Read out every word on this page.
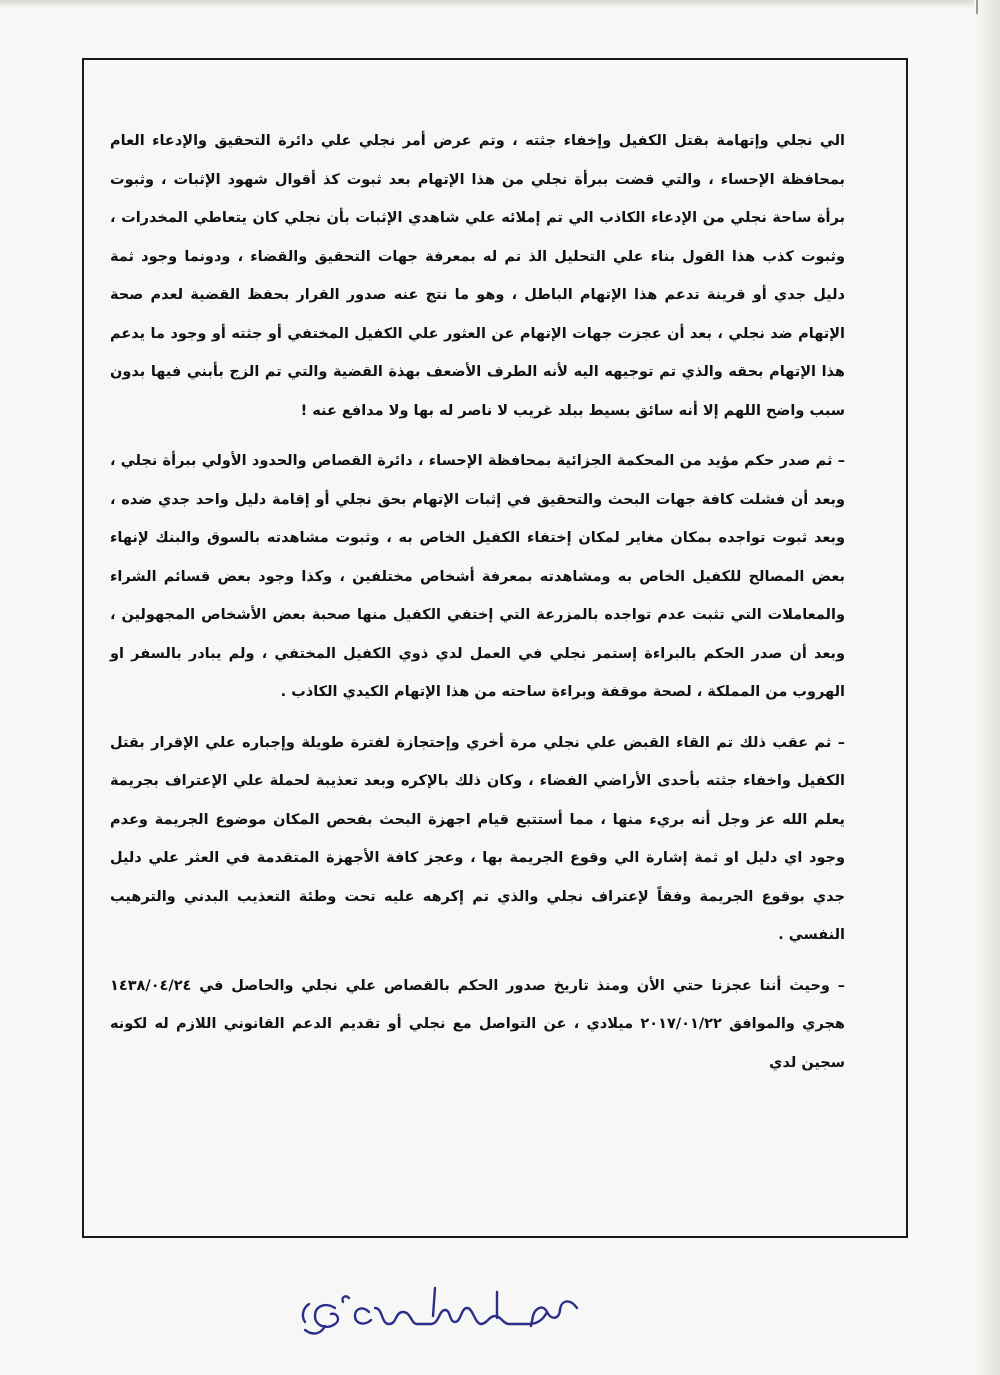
الي نجلي وإتهامة بقتل الكفيل وإخفاء جثته ، وتم عرض أمر نجلي علي دائرة التحقيق والإدعاء العام بمحافظة الإحساء ، والتي قضت ببرأة نجلي من هذا الإتهام بعد ثبوت كذ أقوال شهود الإثبات ، وثبوت برأة ساحة نجلي من الإدعاء الكاذب الي تم إملائه علي شاهدي الإثبات بأن نجلي كان يتعاطي المخدرات ، وثبوت كذب هذا القول بناء علي التحليل الذ تم له بمعرفة جهات التحقيق والقضاء ، ودونما وجود ثمة دليل جدي أو قرينة تدعم هذا الإتهام الباطل ، وهو ما نتج عنه صدور القرار بحفظ القضية لعدم صحة الإتهام ضد نجلي ، بعد أن عجزت جهات الإتهام عن العثور علي الكفيل المختفي أو جثته أو وجود ما يدعم هذا الإتهام بحقه والذي تم توجيهه اليه لأنه الطرف الأضعف بهذة القضية والتي تم الزج بأبني فيها بدون سبب واضح اللهم إلا أنه سائق بسيط ببلد غريب لا ناصر له بها ولا مدافع عنه !

– ثم صدر حكم مؤيد من المحكمة الجزائية بمحافظة الإحساء ، دائرة القصاص والحدود الأولي ببرأة نجلي ، وبعد أن فشلت كافة جهات البحث والتحقيق في إثبات الإتهام بحق نجلي أو إقامة دليل واحد جدي ضده ، وبعد ثبوت تواجده بمكان مغاير لمكان إختفاء الكفيل الخاص به ، وثبوت مشاهدته بالسوق والبنك لإنهاء بعض المصالح للكفيل الخاص به ومشاهدته بمعرفة أشخاص مختلفين ، وكذا وجود بعض قسائم الشراء والمعاملات التي تثبت عدم تواجده بالمزرعة التي إختفي الكفيل منها صحبة بعض الأشخاص المجهولين ، وبعد أن صدر الحكم بالبراءة إستمر نجلي في العمل لدي ذوي الكفيل المختفي ، ولم يبادر بالسفر او الهروب من المملكة ، لصحة موقفة وبراءة ساحته من هذا الإتهام الكيدي الكاذب .

– ثم عقب ذلك تم القاء القبض علي نجلي مرة أخري وإحتجازة لفترة طويلة وإجباره علي الإقرار بقتل الكفيل واخفاء جثته بأحدى الأراضي الفضاء ، وكان ذلك بالإكره وبعد تعذيبة لحملة علي الإعتراف بجريمة يعلم الله عز وجل أنه بريء منها ، مما أستتبع قيام اجهزة البحث بفحص المكان موضوع الجريمة وعدم وجود اي دليل او ثمة إشارة الي وقوع الجريمة بها ، وعجز كافة الأجهزة المتقدمة في العثر علي دليل جدي بوقوع الجريمة وفقاً لإعتراف نجلي والذي تم إكرهه عليه تحت وطئة التعذيب البدني والترهيب النفسي .

– وحيث أننا عجزنا حتي الأن ومنذ تاريخ صدور الحكم بالقصاص علي نجلي والحاصل في ١٤٣٨/٠٤/٢٤ هجري والموافق ٢٠١٧/٠١/٢٢ ميلادي ، عن التواصل مع نجلي أو تقديم الدعم القانوني اللازم له لكونه سجين لدي
